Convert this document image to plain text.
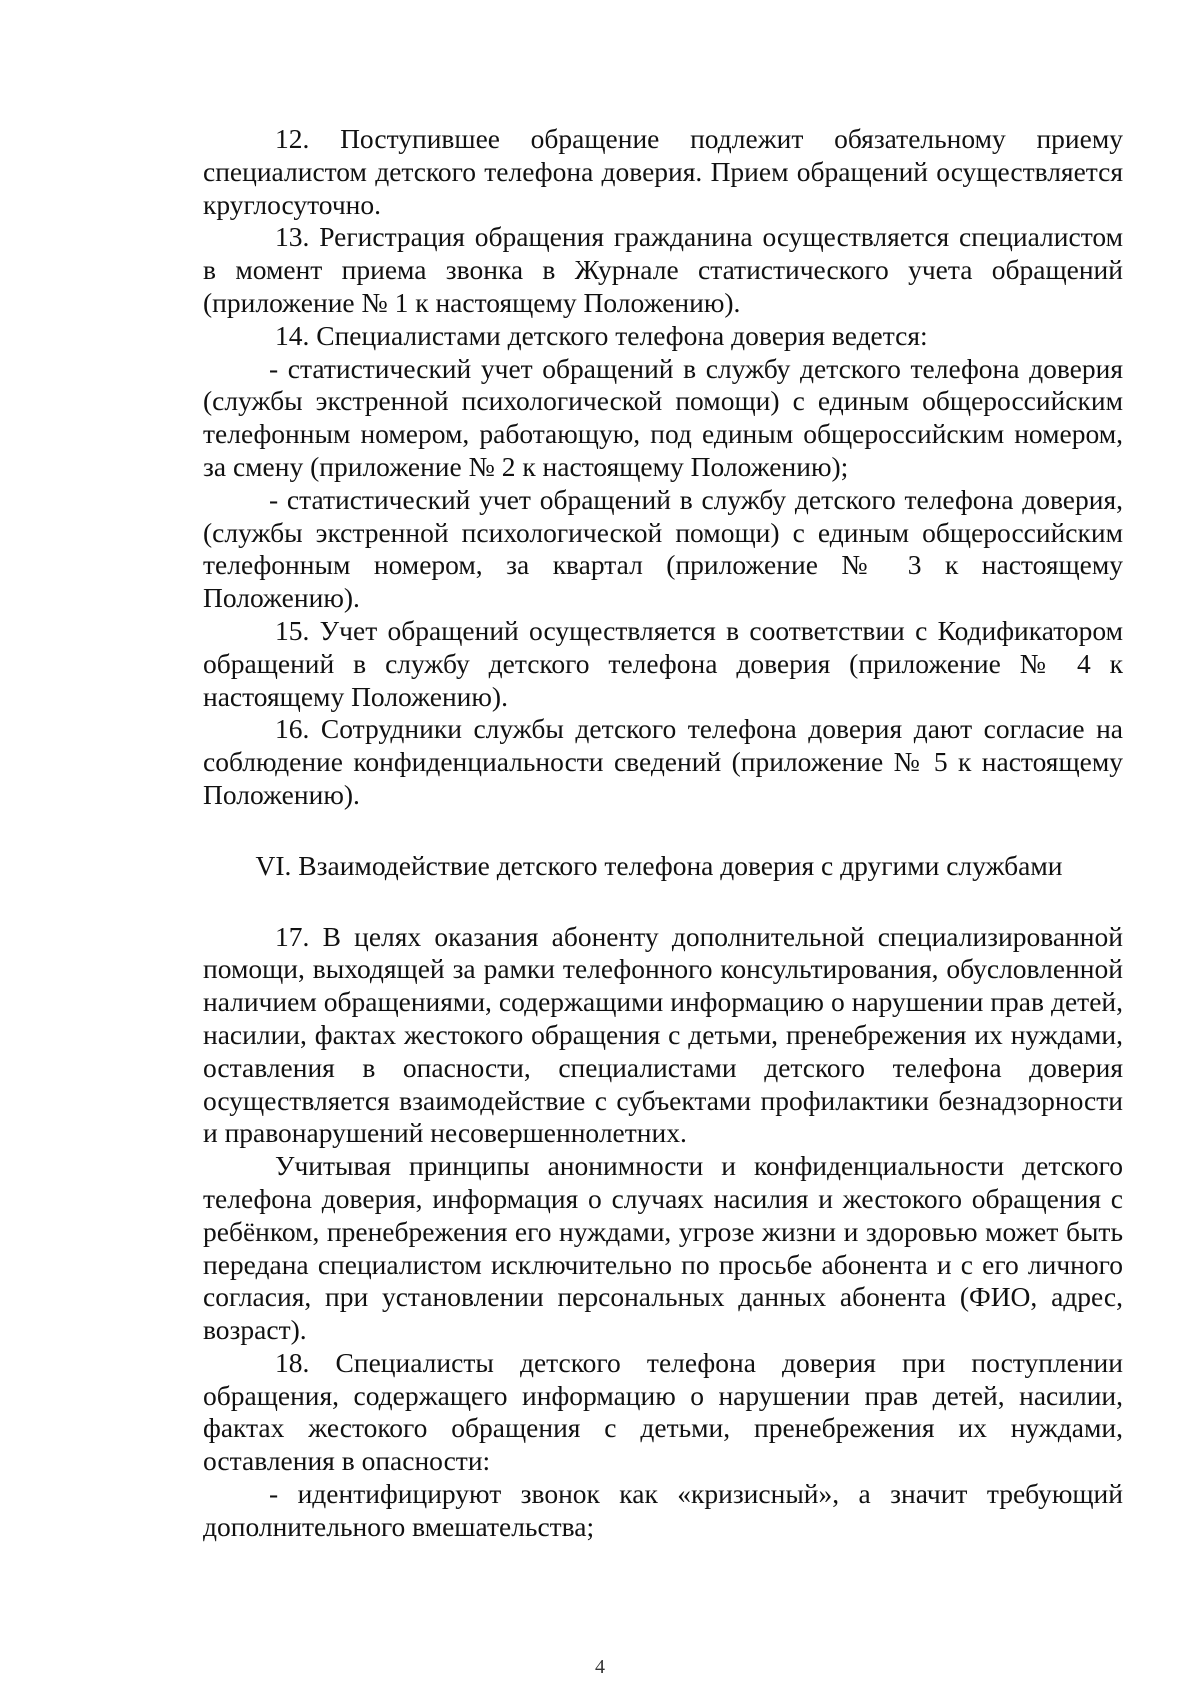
12. Поступившее обращение подлежит обязательному приему специалистом детского телефона доверия. Прием обращений осуществляется круглосуточно.

13. Регистрация обращения гражданина осуществляется специалистом в момент приема звонка в Журнале статистического учета обращений (приложение № 1 к настоящему Положению).

14. Специалистами детского телефона доверия ведется:

- статистический учет обращений в службу детского телефона доверия (службы экстренной психологической помощи) с единым общероссийским телефонным номером, работающую, под единым общероссийским номером, за смену (приложение № 2 к настоящему Положению);

- статистический учет обращений в службу детского телефона доверия, (службы экстренной психологической помощи) с единым общероссийским телефонным номером, за квартал (приложение № 3 к настоящему Положению).

15. Учет обращений осуществляется в соответствии с Кодификатором обращений в службу детского телефона доверия (приложение № 4 к настоящему Положению).

16. Сотрудники службы детского телефона доверия дают согласие на соблюдение конфиденциальности сведений (приложение № 5 к настоящему Положению).

VI. Взаимодействие детского телефона доверия с другими службами

17. В целях оказания абоненту дополнительной специализированной помощи, выходящей за рамки телефонного консультирования, обусловленной наличием обращениями, содержащими информацию о нарушении прав детей, насилии, фактах жестокого обращения с детьми, пренебрежения их нуждами, оставления в опасности, специалистами детского телефона доверия осуществляется взаимодействие с субъектами профилактики безнадзорности и правонарушений несовершеннолетних.

Учитывая принципы анонимности и конфиденциальности детского телефона доверия, информация о случаях насилия и жестокого обращения с ребёнком, пренебрежения его нуждами, угрозе жизни и здоровью может быть передана специалистом исключительно по просьбе абонента и с его личного согласия, при установлении персональных данных абонента (ФИО, адрес, возраст).

18. Специалисты детского телефона доверия при поступлении обращения, содержащего информацию о нарушении прав детей, насилии, фактах жестокого обращения с детьми, пренебрежения их нуждами, оставления в опасности:

- идентифицируют звонок как «кризисный», а значит требующий дополнительного вмешательства;

4
